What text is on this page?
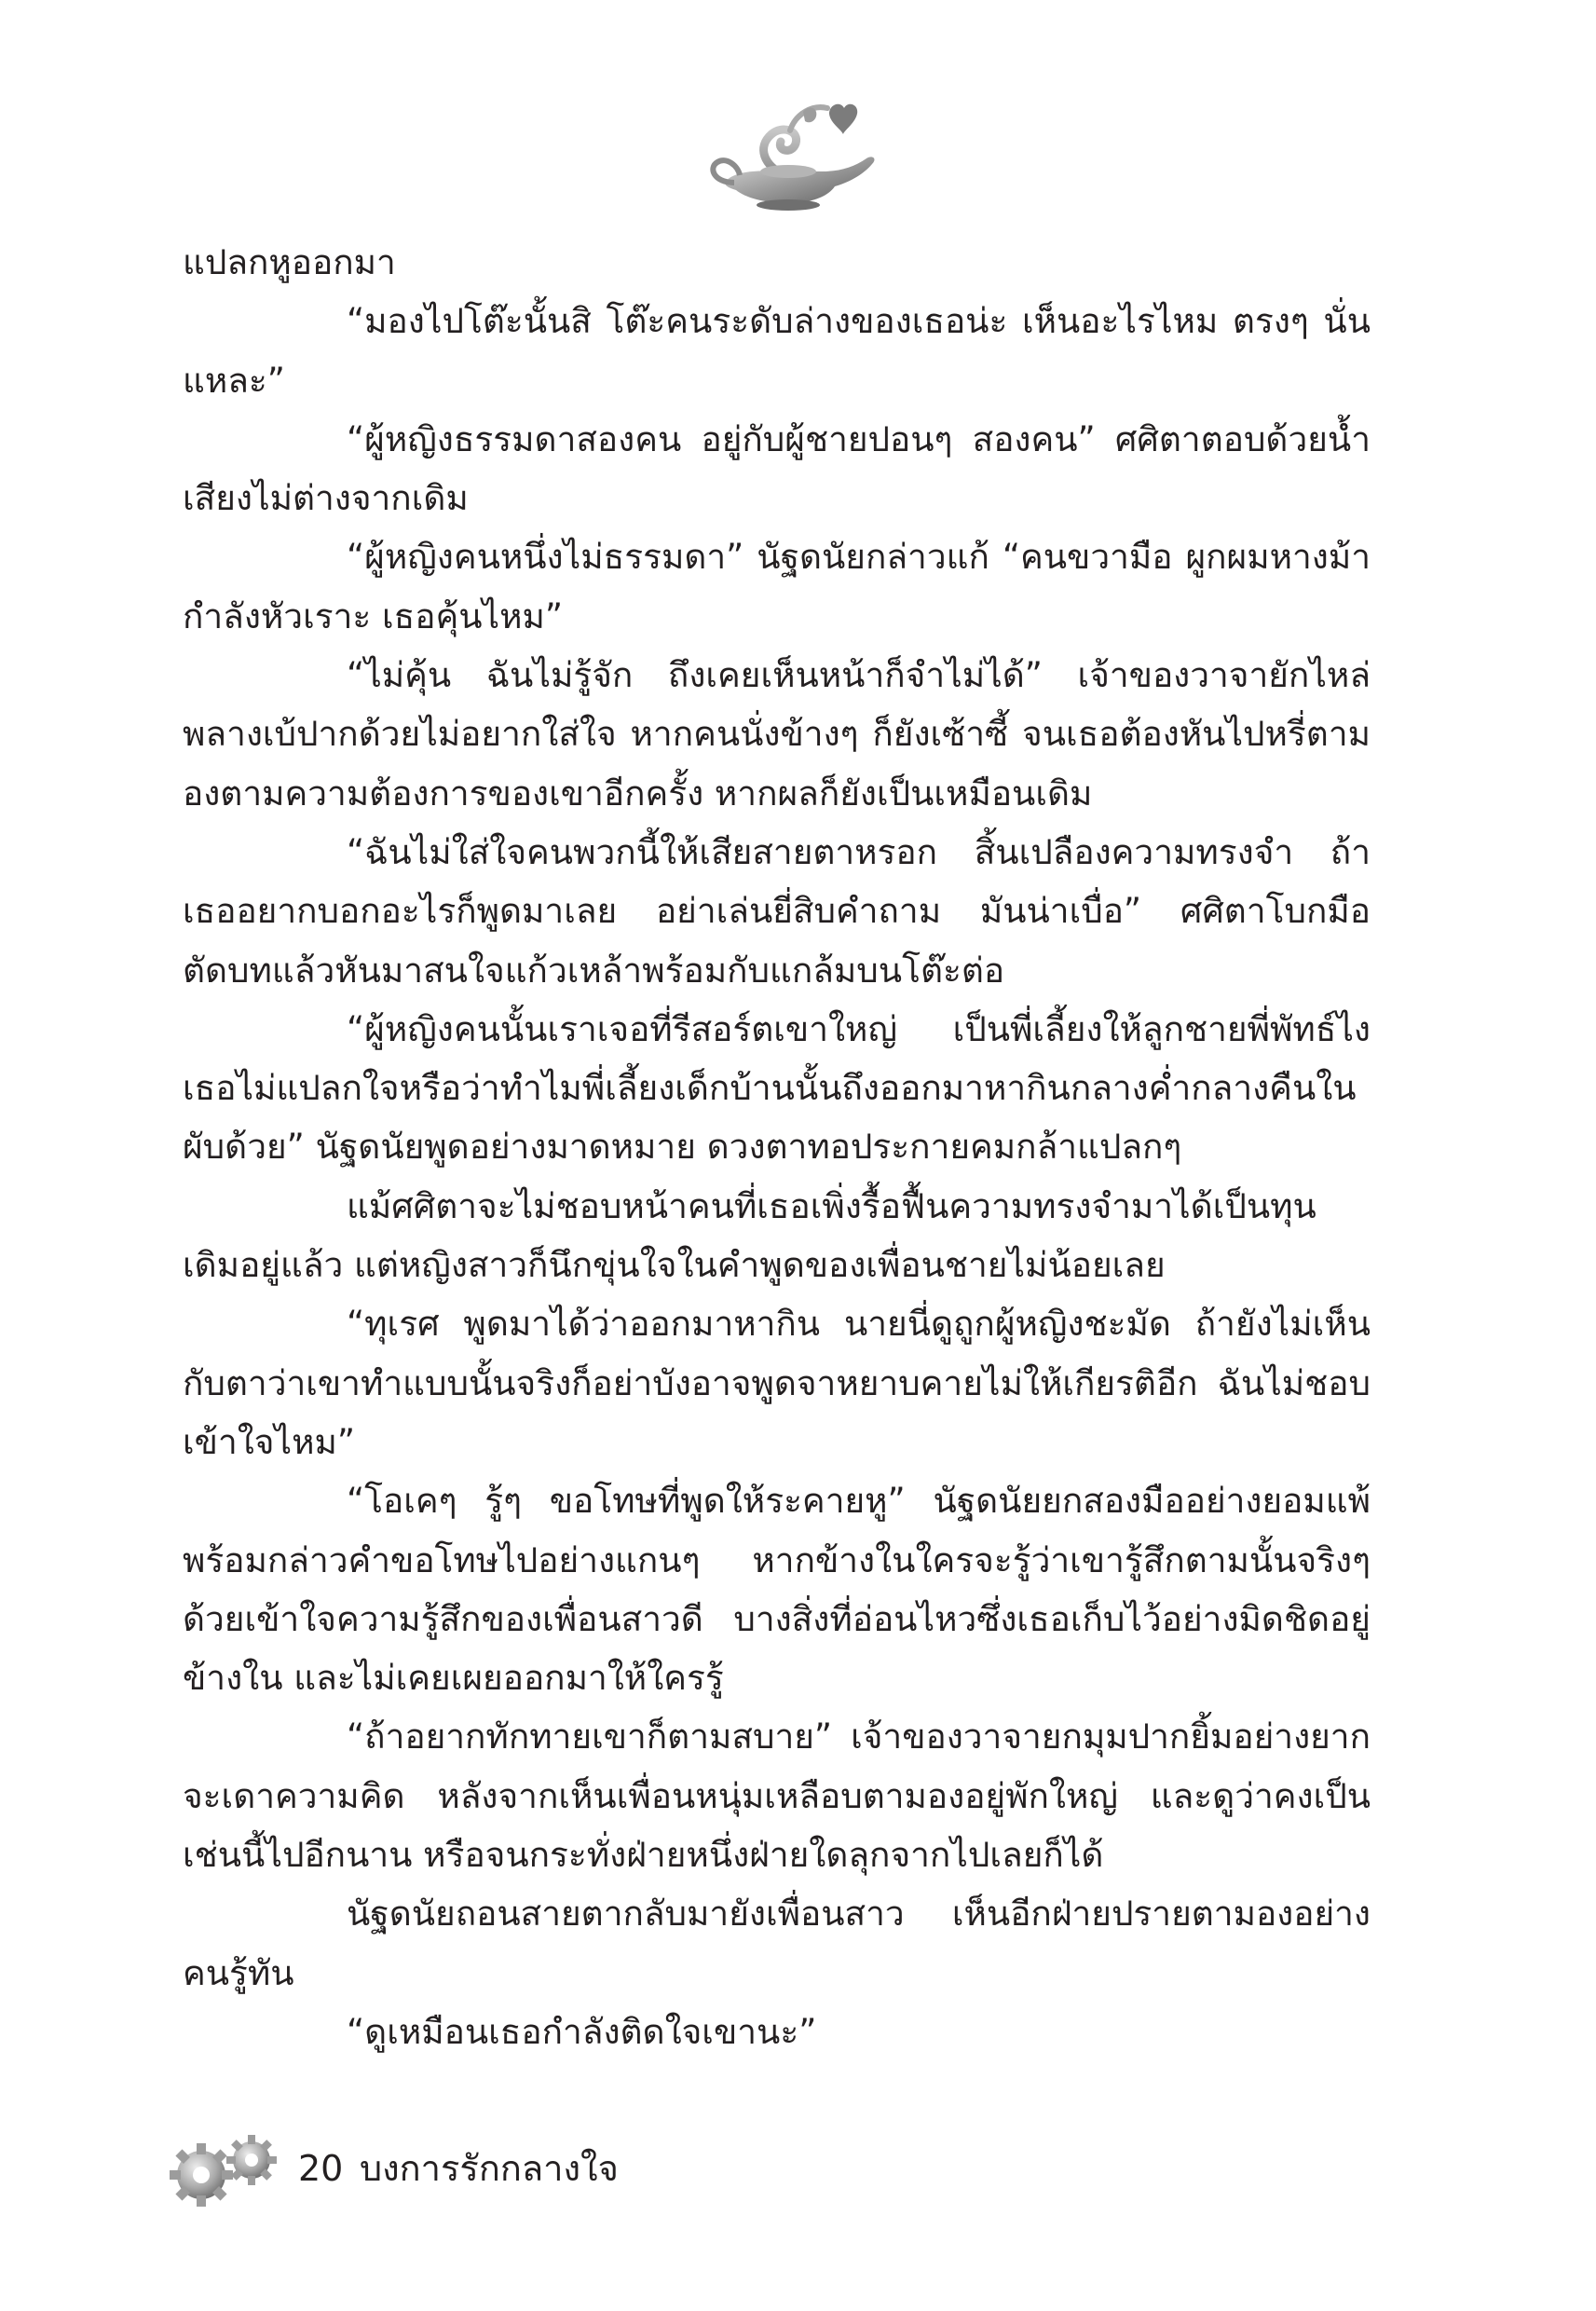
แปลกหูออกมา

“มองไปโต๊ะนั้นสิ โต๊ะคนระดับล่างของเธอน่ะ เห็นอะไรไหม ตรงๆ นั่นแหละ”

“ผู้หญิงธรรมดาสองคน อยู่กับผู้ชายปอนๆ สองคน” ศศิตาตอบด้วยน้ำเสียงไม่ต่างจากเดิม

“ผู้หญิงคนหนึ่งไม่ธรรมดา” นัฐดนัยกล่าวแก้ “คนขวามือ ผูกผมหางม้ากำลังหัวเราะ เธอคุ้นไหม”

“ไม่คุ้น ฉันไม่รู้จัก ถึงเคยเห็นหน้าก็จำไม่ได้” เจ้าของวาจายักไหล่พลางเบ้ปากด้วยไม่อยากใส่ใจ หากคนนั่งข้างๆ ก็ยังเซ้าซี้ จนเธอต้องหันไปหรี่ตามองตามความต้องการของเขาอีกครั้ง หากผลก็ยังเป็นเหมือนเดิม

“ฉันไม่ใส่ใจคนพวกนี้ให้เสียสายตาหรอก สิ้นเปลืองความทรงจำ ถ้าเธออยากบอกอะไรก็พูดมาเลย อย่าเล่นยี่สิบคำถาม มันน่าเบื่อ” ศศิตาโบกมือตัดบทแล้วหันมาสนใจแก้วเหล้าพร้อมกับแกล้มบนโต๊ะต่อ

“ผู้หญิงคนนั้นเราเจอที่รีสอร์ตเขาใหญ่ เป็นพี่เลี้ยงให้ลูกชายพี่พัทธ์ไงเธอไม่แปลกใจหรือว่าทำไมพี่เลี้ยงเด็กบ้านนั้นถึงออกมาหากินกลางค่ำกลางคืนในผับด้วย” นัฐดนัยพูดอย่างมาดหมาย ดวงตาทอประกายคมกล้าแปลกๆ

แม้ศศิตาจะไม่ชอบหน้าคนที่เธอเพิ่งรื้อฟื้นความทรงจำมาได้เป็นทุนเดิมอยู่แล้ว แต่หญิงสาวก็นึกขุ่นใจในคำพูดของเพื่อนชายไม่น้อยเลย

“ทุเรศ พูดมาได้ว่าออกมาหากิน นายนี่ดูถูกผู้หญิงชะมัด ถ้ายังไม่เห็นกับตาว่าเขาทำแบบนั้นจริงก็อย่าบังอาจพูดจาหยาบคายไม่ให้เกียรติอีก ฉันไม่ชอบเข้าใจไหม”

“โอเคๆ รู้ๆ ขอโทษที่พูดให้ระคายหู” นัฐดนัยยกสองมืออย่างยอมแพ้พร้อมกล่าวคำขอโทษไปอย่างแกนๆ หากข้างในใครจะรู้ว่าเขารู้สึกตามนั้นจริงๆ ด้วยเข้าใจความรู้สึกของเพื่อนสาวดี บางสิ่งที่อ่อนไหวซึ่งเธอเก็บไว้อย่างมิดชิดอยู่ข้างใน และไม่เคยเผยออกมาให้ใครรู้

“ถ้าอยากทักทายเขาก็ตามสบาย” เจ้าของวาจายกมุมปากยิ้มอย่างยากจะเดาความคิด หลังจากเห็นเพื่อนหนุ่มเหลือบตามองอยู่พักใหญ่ และดูว่าคงเป็นเช่นนี้ไปอีกนาน หรือจนกระทั่งฝ่ายหนึ่งฝ่ายใดลุกจากไปเลยก็ได้

นัฐดนัยถอนสายตากลับมายังเพื่อนสาว เห็นอีกฝ่ายปรายตามองอย่างคนรู้ทัน

“ดูเหมือนเธอกำลังติดใจเขานะ”

20 บงการรักกลางใจ
